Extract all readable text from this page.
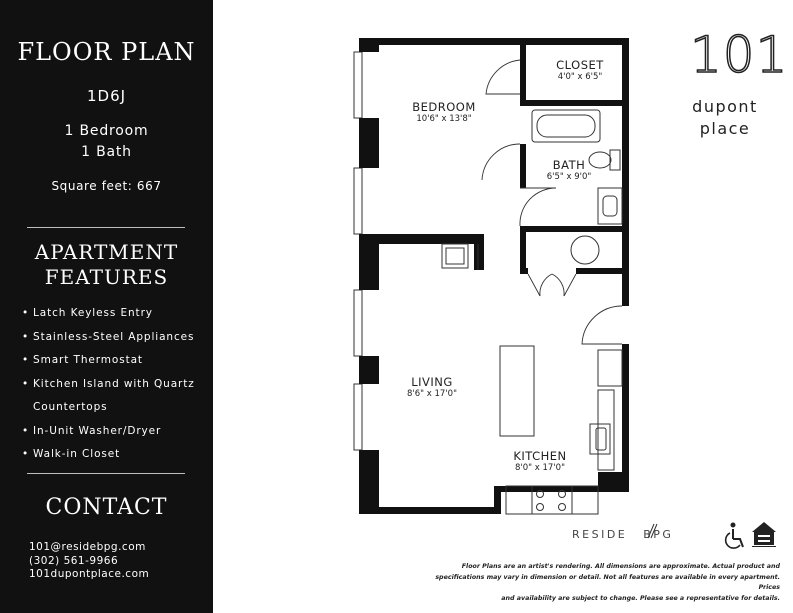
FLOOR PLAN
1D6J
1 Bedroom
1 Bath
Square feet: 667
APARTMENT
FEATURES
• Latch Keyless Entry
• Stainless-Steel Appliances
• Smart Thermostat
• Kitchen Island with Quartz
Countertops
• In-Unit Washer/Dryer
• Walk-in Closet
CONTACT
101@residebpg.com
(302) 561-9966
101dupontplace.com
CLOSET
4'0" x 6'5"
BEDROOM
10'6" x 13'8"
BATH
6'5" x 9'0"
LIVING
8'6" x 17'0"
KITCHEN
8'0" x 17'0"
101
dupont
place
RESIDE BPG
Floor Plans are an artist's rendering. All dimensions are approximate. Actual product and
specifications may vary in dimension or detail. Not all features are available in every apartment. Prices
and availability are subject to change. Please see a representative for details.
